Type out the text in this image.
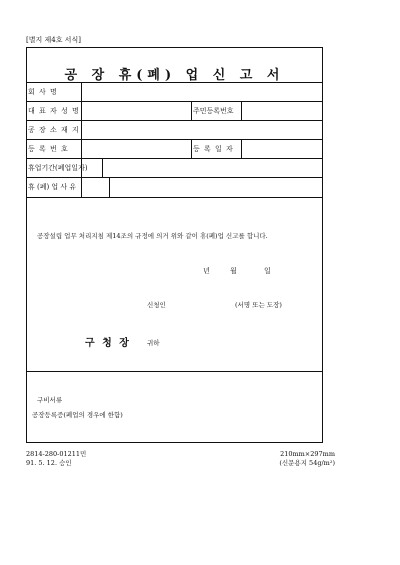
[별지 제4호 서식]
공 장 휴(폐) 업 신 고 서
회 사 명
대 표 자 성 명	주민등록번호
공 장 소 재 지
등 록 번 호	등 록 일 자
휴업기간(폐업일자)
휴 (폐) 업 사 유
공장설립 업무 처리지침 제14조의 규정에 의거 위와 같이 휴(폐)업 신고를 합니다.
년	월	일
신청인	(서명 또는 도장)
구 청 장 귀하
구비서류
공장등록증(폐업의 경우에 한함)
2814-280-01211민
91. 5. 12. 승인
210mm×297mm
(신문용지 54g/m²)
